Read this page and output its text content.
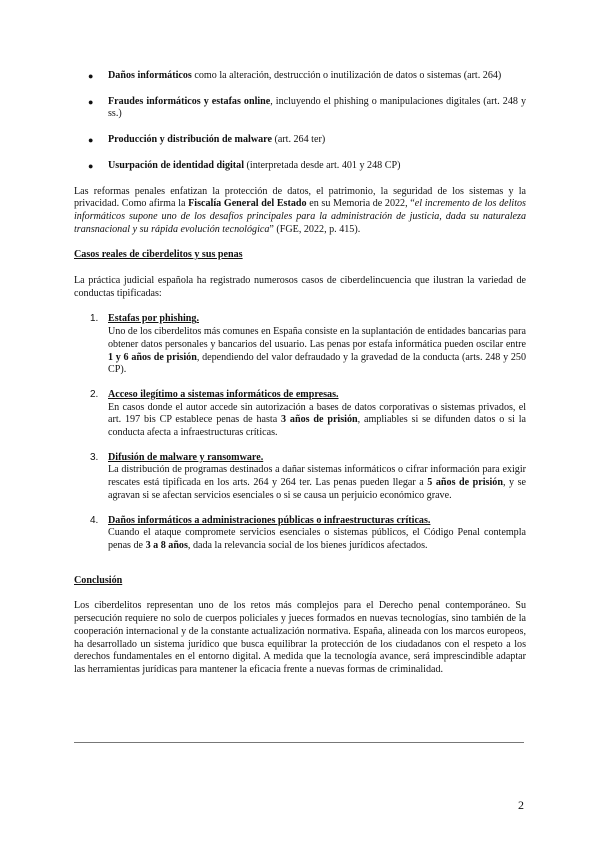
● Daños informáticos como la alteración, destrucción o inutilización de datos o sistemas (art. 264)

● Fraudes informáticos y estafas online, incluyendo el phishing o manipulaciones digitales (art. 248 y ss.)

● Producción y distribución de malware (art. 264 ter)

● Usurpación de identidad digital (interpretada desde art. 401 y 248 CP)

Las reformas penales enfatizan la protección de datos, el patrimonio, la seguridad de los sistemas y la privacidad. Como afirma la Fiscalía General del Estado en su Memoria de 2022, “el incremento de los delitos informáticos supone uno de los desafíos principales para la administración de justicia, dada su naturaleza transnacional y su rápida evolución tecnológica” (FGE, 2022, p. 415).

Casos reales de ciberdelitos y sus penas

La práctica judicial española ha registrado numerosos casos de ciberdelincuencia que ilustran la variedad de conductas tipificadas:

1. Estafas por phishing.
Uno de los ciberdelitos más comunes en España consiste en la suplantación de entidades bancarias para obtener datos personales y bancarios del usuario. Las penas por estafa informática pueden oscilar entre 1 y 6 años de prisión, dependiendo del valor defraudado y la gravedad de la conducta (arts. 248 y 250 CP).

2. Acceso ilegítimo a sistemas informáticos de empresas.
En casos donde el autor accede sin autorización a bases de datos corporativas o sistemas privados, el art. 197 bis CP establece penas de hasta 3 años de prisión, ampliables si se difunden datos o si la conducta afecta a infraestructuras críticas.

3. Difusión de malware y ransomware.
La distribución de programas destinados a dañar sistemas informáticos o cifrar información para exigir rescates está tipificada en los arts. 264 y 264 ter. Las penas pueden llegar a 5 años de prisión, y se agravan si se afectan servicios esenciales o si se causa un perjuicio económico grave.

4. Daños informáticos a administraciones públicas o infraestructuras críticas.
Cuando el ataque compromete servicios esenciales o sistemas públicos, el Código Penal contempla penas de 3 a 8 años, dada la relevancia social de los bienes jurídicos afectados.

Conclusión

Los ciberdelitos representan uno de los retos más complejos para el Derecho penal contemporáneo. Su persecución requiere no solo de cuerpos policiales y jueces formados en nuevas tecnologías, sino también de la cooperación internacional y de la constante actualización normativa. España, alineada con los marcos europeos, ha desarrollado un sistema jurídico que busca equilibrar la protección de los ciudadanos con el respeto a los derechos fundamentales en el entorno digital. A medida que la tecnología avance, será imprescindible adaptar las herramientas jurídicas para mantener la eficacia frente a nuevas formas de criminalidad.

2
